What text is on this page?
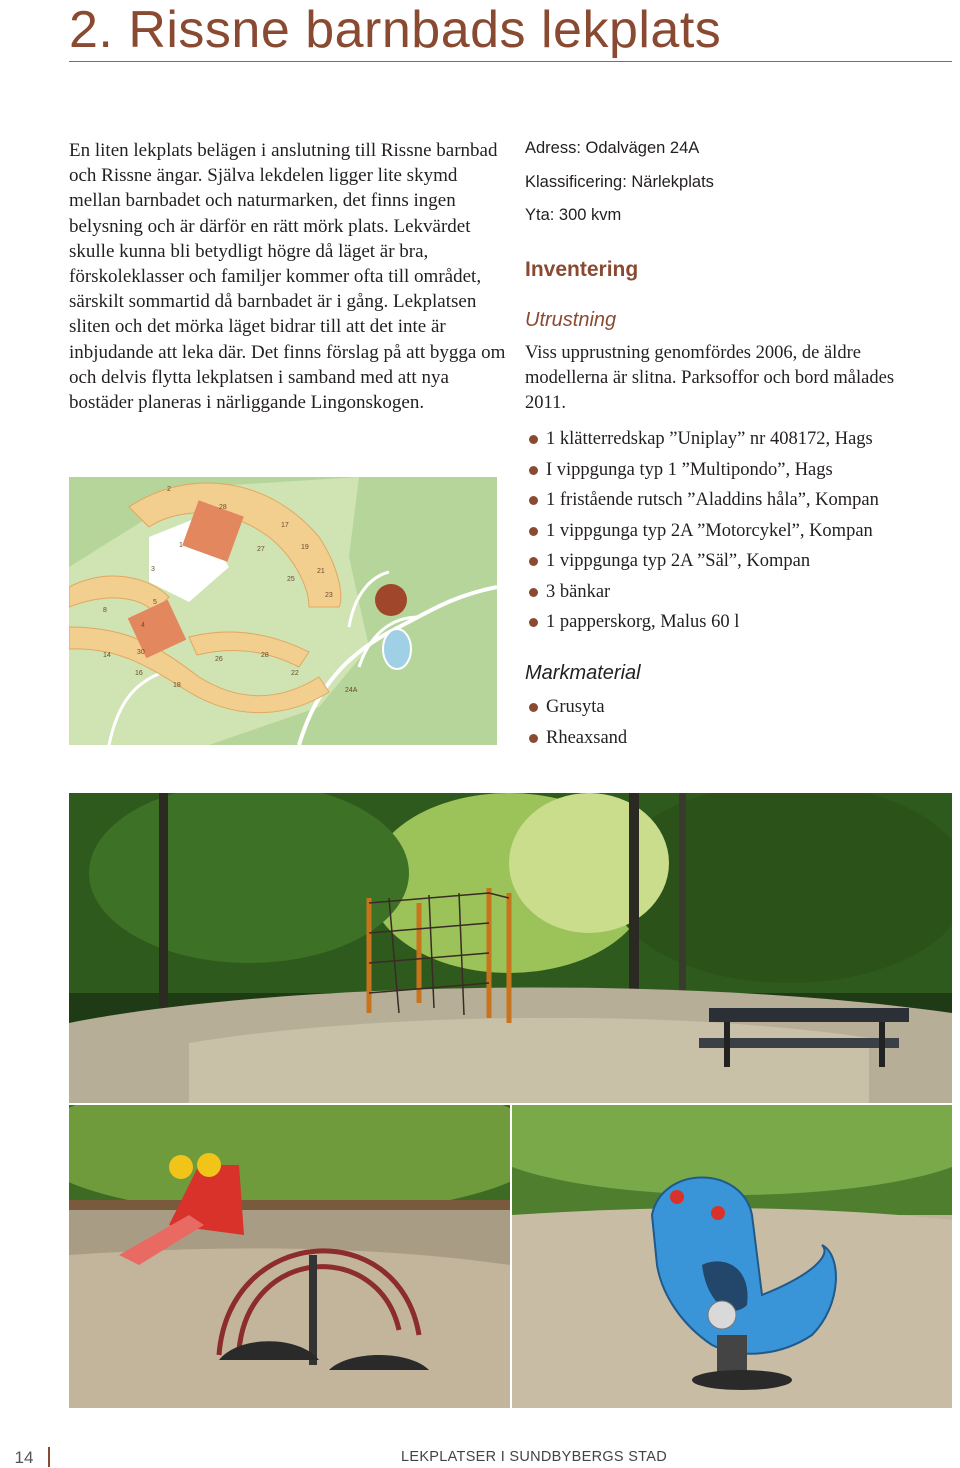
2. Rissne barnbads lekplats

En liten lekplats belägen i anslutning till Rissne barnbad och Rissne ängar. Själva lekdelen ligger lite skymd mellan barnbadet och naturmarken, det finns ingen belysning och är därför en rätt mörk plats. Lekvärdet skulle kunna bli betydligt högre då läget är bra, förskoleklasser och familjer kommer ofta till området, särskilt sommartid då barnbadet är i gång. Lekplatsen sliten och det mörka läget bidrar till att det inte är inbjudande att leka där. Det finns förslag på att bygga om och delvis flytta lekplatsen i samband med att nya bostäder planeras i närliggande Lingonskogen.

Adress: Odalvägen 24A
Klassificering: Närlekplats
Yta: 300 kvm
Inventering
Utrustning

Viss upprustning genomfördes 2006, de äldre modellerna är slitna. Parksoffor och bord målades 2011.

1 klätterredskap ”Uniplay” nr 408172, Hags
I vippgunga typ 1 ”Multipondo”, Hags
1 fristående rutsch ”Aladdins håla”, Kompan
1 vippgunga typ 2A ”Motorcykel”, Kompan
1 vippgunga typ 2A ”Säl”, Kompan
3 bänkar
1 papperskorg, Malus 60 l
Markmaterial
Grusyta
Rheaxsand
2
28
1
27
17
19
21
23
25
3
5
8
4
14	30
16
18
26
28
22
24A
14	LEKPLATSER I SUNDBYBERGS STAD
